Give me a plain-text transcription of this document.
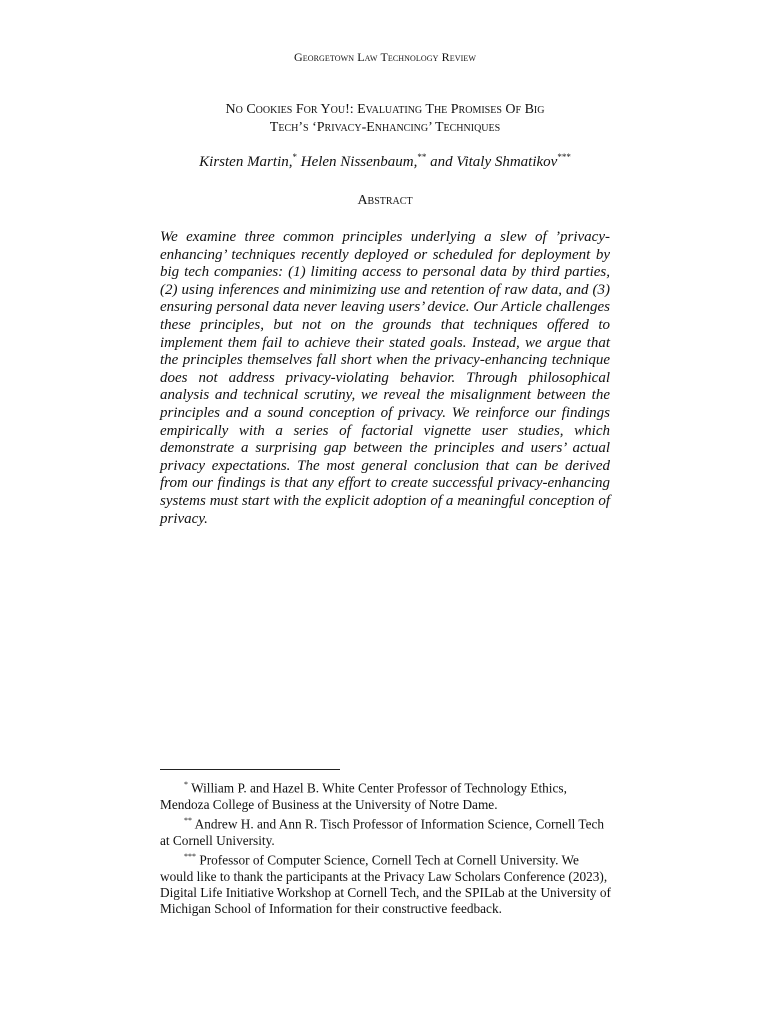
Georgetown Law Technology Review
No Cookies For You!: Evaluating The Promises Of Big
Tech’s ‘Privacy-Enhancing’ Techniques
Kirsten Martin,* Helen Nissenbaum,** and Vitaly Shmatikov***
Abstract

We examine three common principles underlying a slew of ’privacy-enhancing’ techniques recently deployed or scheduled for deployment by big tech companies: (1) limiting access to personal data by third parties, (2) using inferences and minimizing use and retention of raw data, and (3) ensuring personal data never leaving users’ device. Our Article challenges these principles, but not on the grounds that techniques offered to implement them fail to achieve their stated goals. Instead, we argue that the principles themselves fall short when the privacy-enhancing technique does not address privacy-violating behavior. Through philosophical analysis and technical scrutiny, we reveal the misalignment between the principles and a sound conception of privacy. We reinforce our findings empirically with a series of factorial vignette user studies, which demonstrate a surprising gap between the principles and users’ actual privacy expectations. The most general conclusion that can be derived from our findings is that any effort to create successful privacy-enhancing systems must start with the explicit adoption of a meaningful conception of privacy.

* William P. and Hazel B. White Center Professor of Technology Ethics, Mendoza College of Business at the University of Notre Dame.

** Andrew H. and Ann R. Tisch Professor of Information Science, Cornell Tech at Cornell University.

*** Professor of Computer Science, Cornell Tech at Cornell University. We would like to thank the participants at the Privacy Law Scholars Conference (2023), Digital Life Initiative Workshop at Cornell Tech, and the SPILab at the University of Michigan School of Information for their constructive feedback.
